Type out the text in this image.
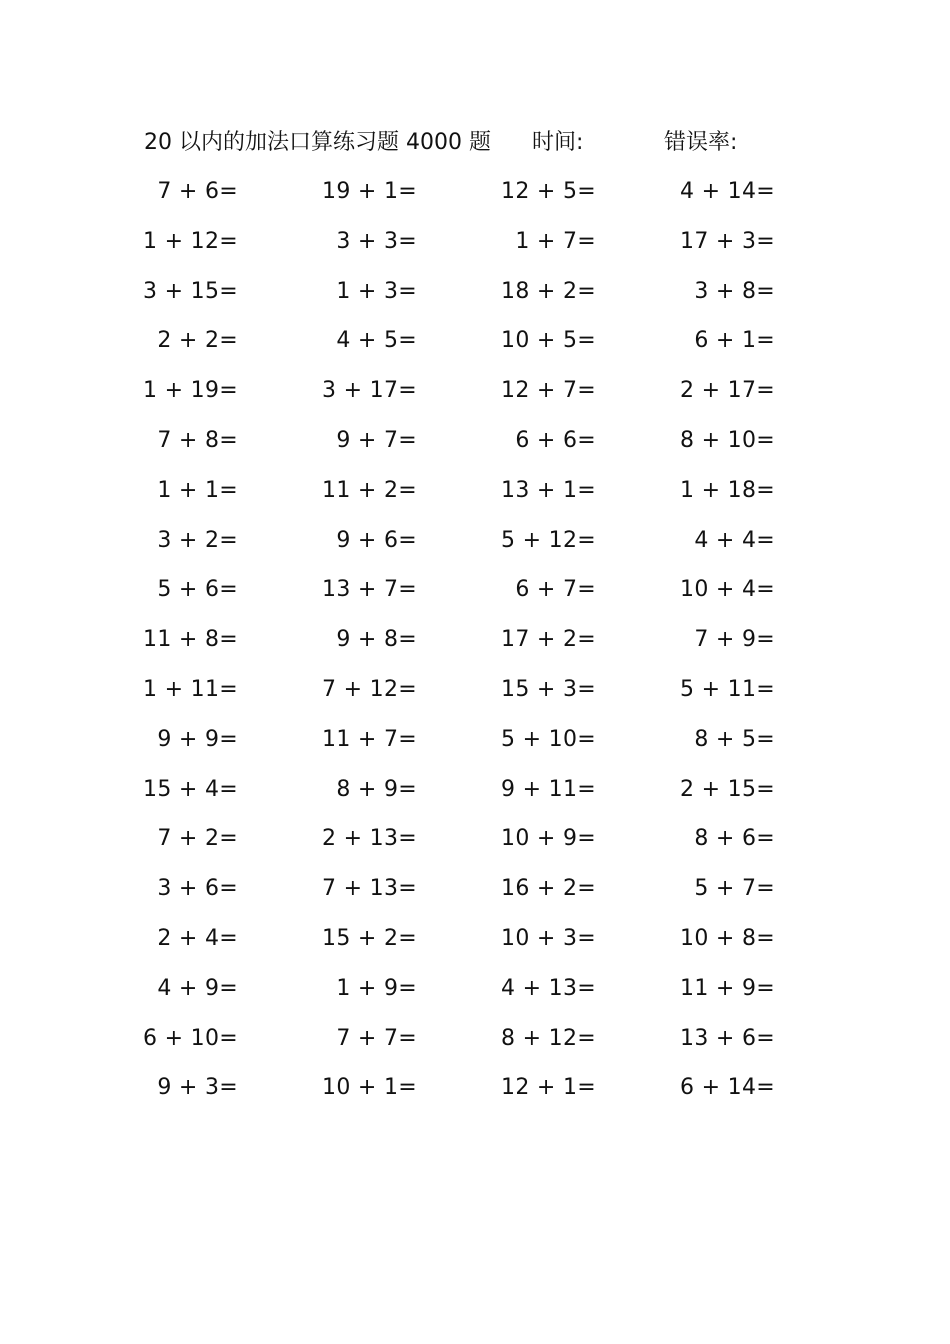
20 以内的加法口算练习题 4000 题 时间:	错误率:
7 + 6=	19 + 1=	12 + 5=	4 + 14=
1 + 12=	3 + 3=	1 + 7=	17 + 3=
3 + 15=	1 + 3=	18 + 2=	3 + 8=
2 + 2=	4 + 5=	10 + 5=	6 + 1=
1 + 19=	3 + 17=	12 + 7=	2 + 17=
7 + 8=	9 + 7=	6 + 6=	8 + 10=
1 + 1=	11 + 2=	13 + 1=	1 + 18=
3 + 2=	9 + 6=	5 + 12=	4 + 4=
5 + 6=	13 + 7=	6 + 7=	10 + 4=
11 + 8=	9 + 8=	17 + 2=	7 + 9=
1 + 11=	7 + 12=	15 + 3=	5 + 11=
9 + 9=	11 + 7=	5 + 10=	8 + 5=
15 + 4=	8 + 9=	9 + 11=	2 + 15=
7 + 2=	2 + 13=	10 + 9=	8 + 6=
3 + 6=	7 + 13=	16 + 2=	5 + 7=
2 + 4=	15 + 2=	10 + 3=	10 + 8=
4 + 9=	1 + 9=	4 + 13=	11 + 9=
6 + 10=	7 + 7=	8 + 12=	13 + 6=
9 + 3=	10 + 1=	12 + 1=	6 + 14=
